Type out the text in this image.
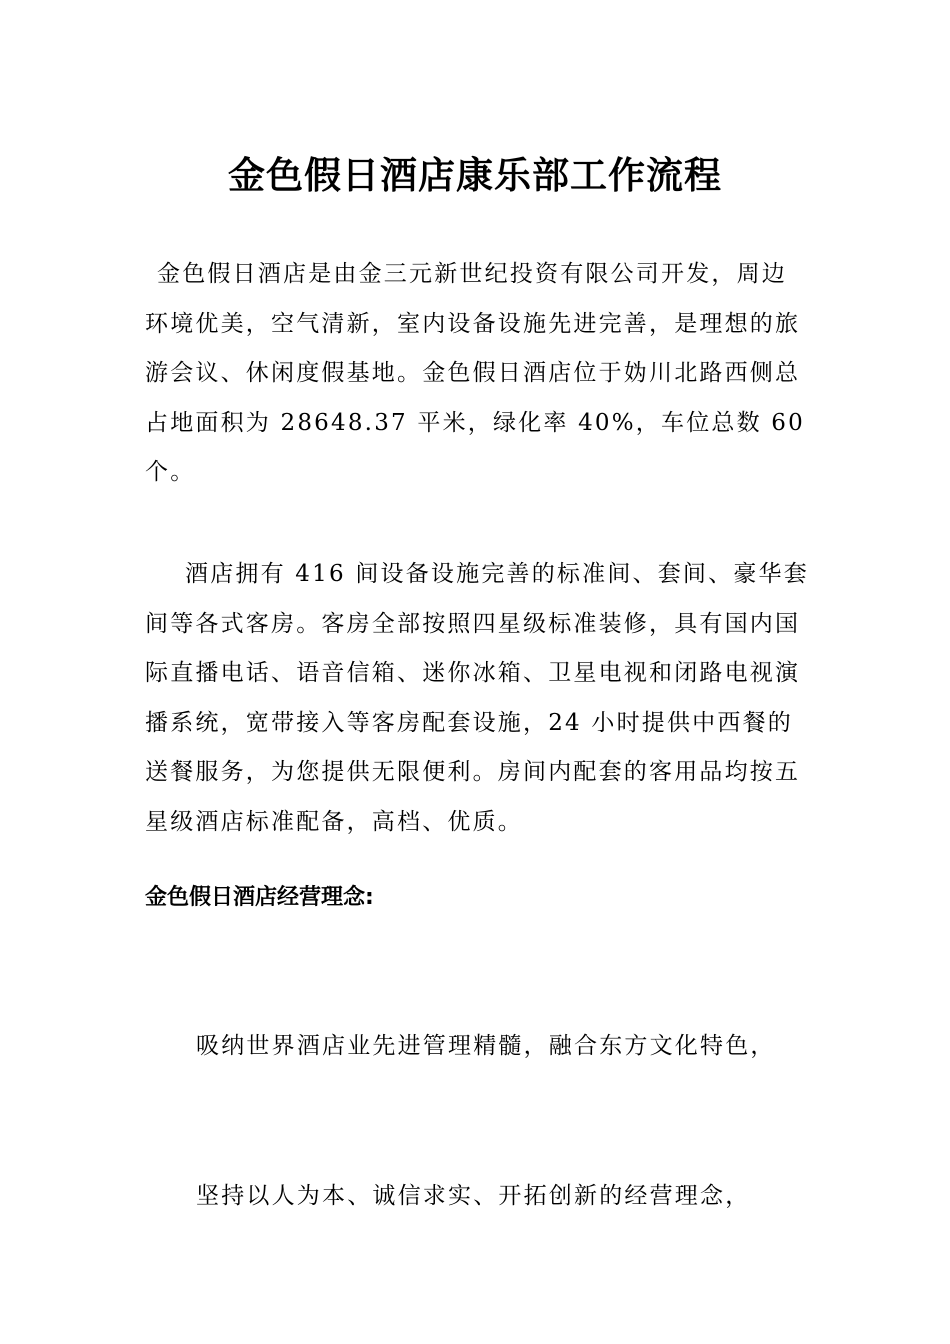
金色假日酒店康乐部工作流程

金色假日酒店是由金三元新世纪投资有限公司开发，周边环境优美，空气清新，室内设备设施先进完善，是理想的旅游会议、休闲度假基地。金色假日酒店位于妫川北路西侧总占地面积为 28648.37 平米，绿化率 40%，车位总数 60 个。

酒店拥有 416 间设备设施完善的标准间、套间、豪华套间等各式客房。客房全部按照四星级标准装修，具有国内国际直播电话、语音信箱、迷你冰箱、卫星电视和闭路电视演播系统，宽带接入等客房配套设施，24 小时提供中西餐的送餐服务，为您提供无限便利。房间内配套的客用品均按五星级酒店标准配备，高档、优质。

金色假日酒店经营理念:

吸纳世界酒店业先进管理精髓，融合东方文化特色，

坚持以人为本、诚信求实、开拓创新的经营理念，
